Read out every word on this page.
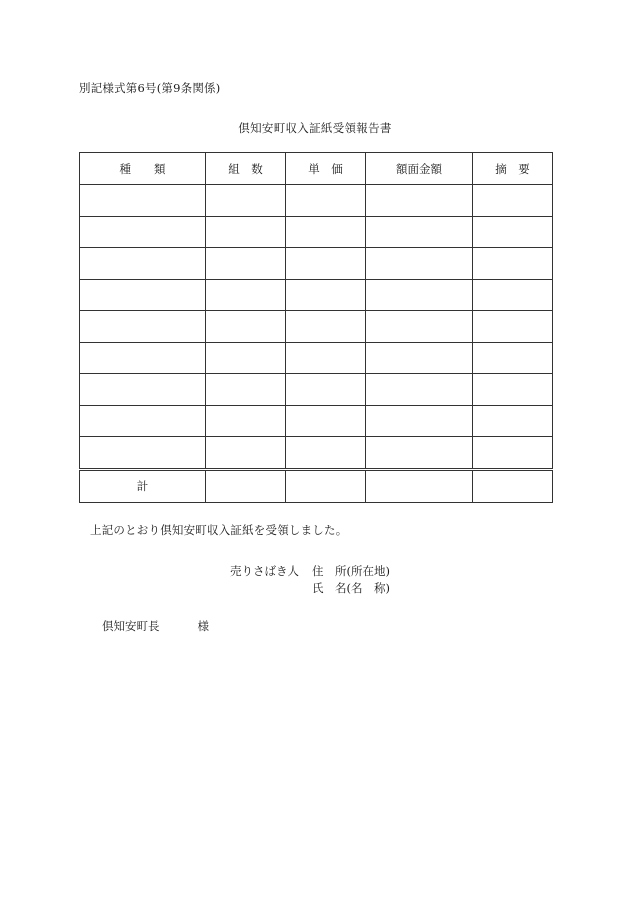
別記様式第6号(第9条関係)
倶知安町収入証紙受領報告書
種　　類	組　数	単　価	額面金額	摘　要

計				
上記のとおり倶知安町収入証紙を受領しました。
売りさばき人	住　所(所在地)
氏　名(名　称)
倶知安町長	様
